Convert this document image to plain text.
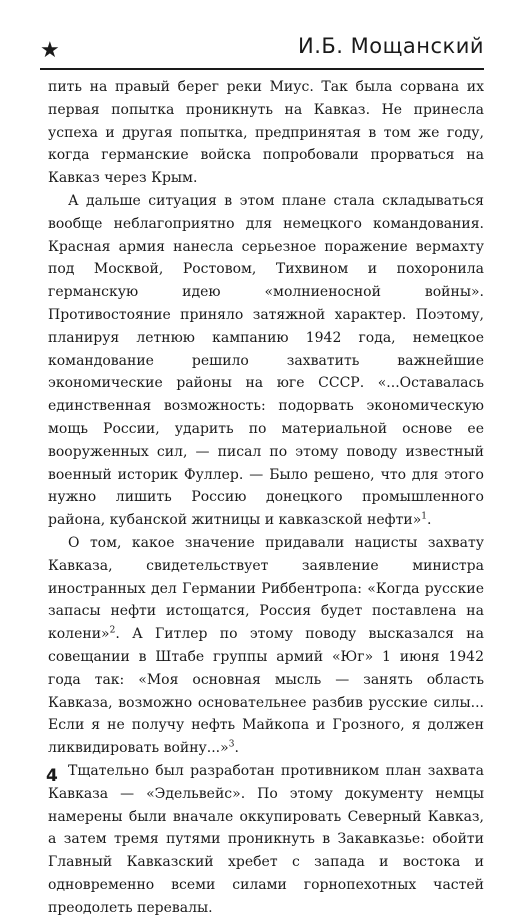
★	И.Б. Мощанский

пить на правый берег реки Миус. Так была сорвана их первая попытка проникнуть на Кавказ. Не принесла успеха и другая попытка, предпринятая в том же году, когда германские войска попробовали прорваться на Кавказ через Крым.

А дальше ситуация в этом плане стала складываться вообще неблагоприятно для немецкого командования. Красная армия нанесла серьезное поражение вермахту под Москвой, Ростовом, Тихвином и похоронила германскую идею «молниеносной войны». Противостояние приняло затяжной характер. Поэтому, планируя летнюю кампанию 1942 года, немецкое командование решило захватить важнейшие экономические районы на юге СССР. «...Оставалась единственная возможность: подорвать экономическую мощь России, ударить по материальной основе ее вооруженных сил, — писал по этому поводу известный военный историк Фуллер. — Было решено, что для этого нужно лишить Россию донецкого промышленного района, кубанской житницы и кавказской нефти»$^1$.

О том, какое значение придавали нацисты захвату Кавказа, свидетельствует заявление министра иностранных дел Германии Риббентропа: «Когда русские запасы нефти истощатся, Россия будет поставлена на колени»$^2$. А Гитлер по этому поводу высказался на совещании в Штабе группы армий «Юг» 1 июня 1942 года так: «Моя основная мысль — занять область Кавказа, возможно основательнее разбив русские силы... Если я не получу нефть Майкопа и Грозного, я должен ликвидировать войну...»$^3$.

Тщательно был разработан противником план захвата Кавказа — «Эдельвейс». По этому документу немцы намерены были вначале оккупировать Северный Кавказ, а затем тремя путями проникнуть в Закавказье: обойти Главный Кавказский хребет с запада и востока и одновременно всеми силами горнопехотных частей преодолеть перевалы.

4
